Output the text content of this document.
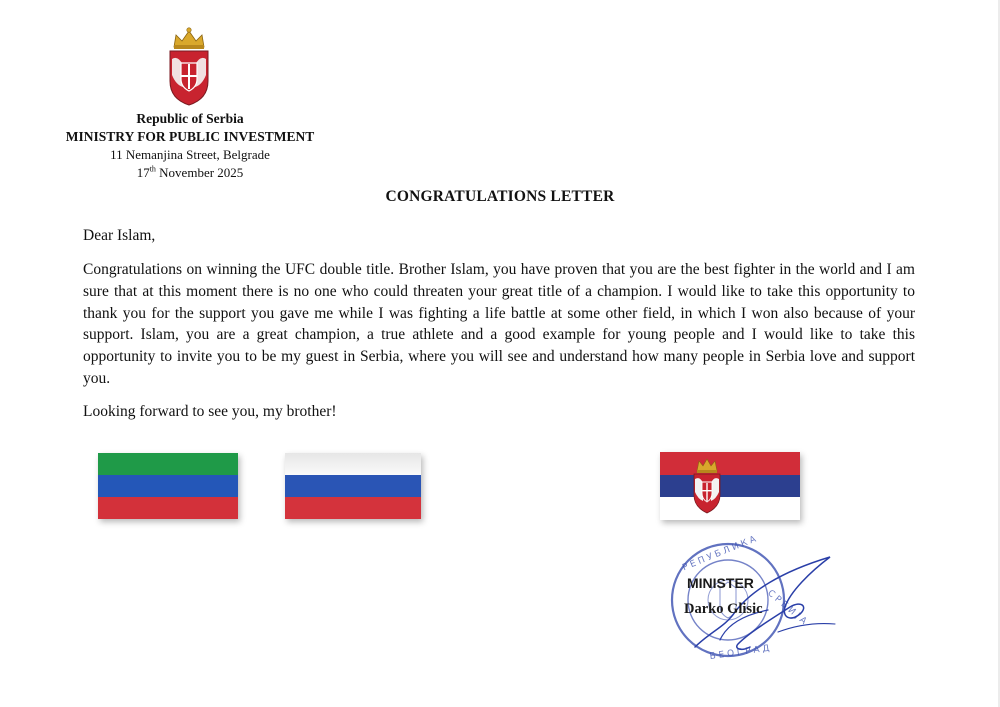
Republic of Serbia
MINISTRY FOR PUBLIC INVESTMENT
11 Nemanjina Street, Belgrade
17th November 2025
CONGRATULATIONS LETTER
Dear Islam,
Congratulations on winning the UFC double title. Brother Islam, you have proven that you are the best fighter in the world and I am sure that at this moment there is no one who could threaten your great title of a champion. I would like to take this opportunity to thank you for the support you gave me while I was fighting a life battle at some other field, in which I won also because of your support. Islam, you are a great champion, a true athlete and a good example for young people and I would like to take this opportunity to invite you to be my guest in Serbia, where you will see and understand how many people in Serbia love and support you.
Looking forward to see you, my brother!
Р Е П У Б Л И К А
С Р Б И Ј А
Б Е О Г Р А Д
MINISTER
Darko Glisic
